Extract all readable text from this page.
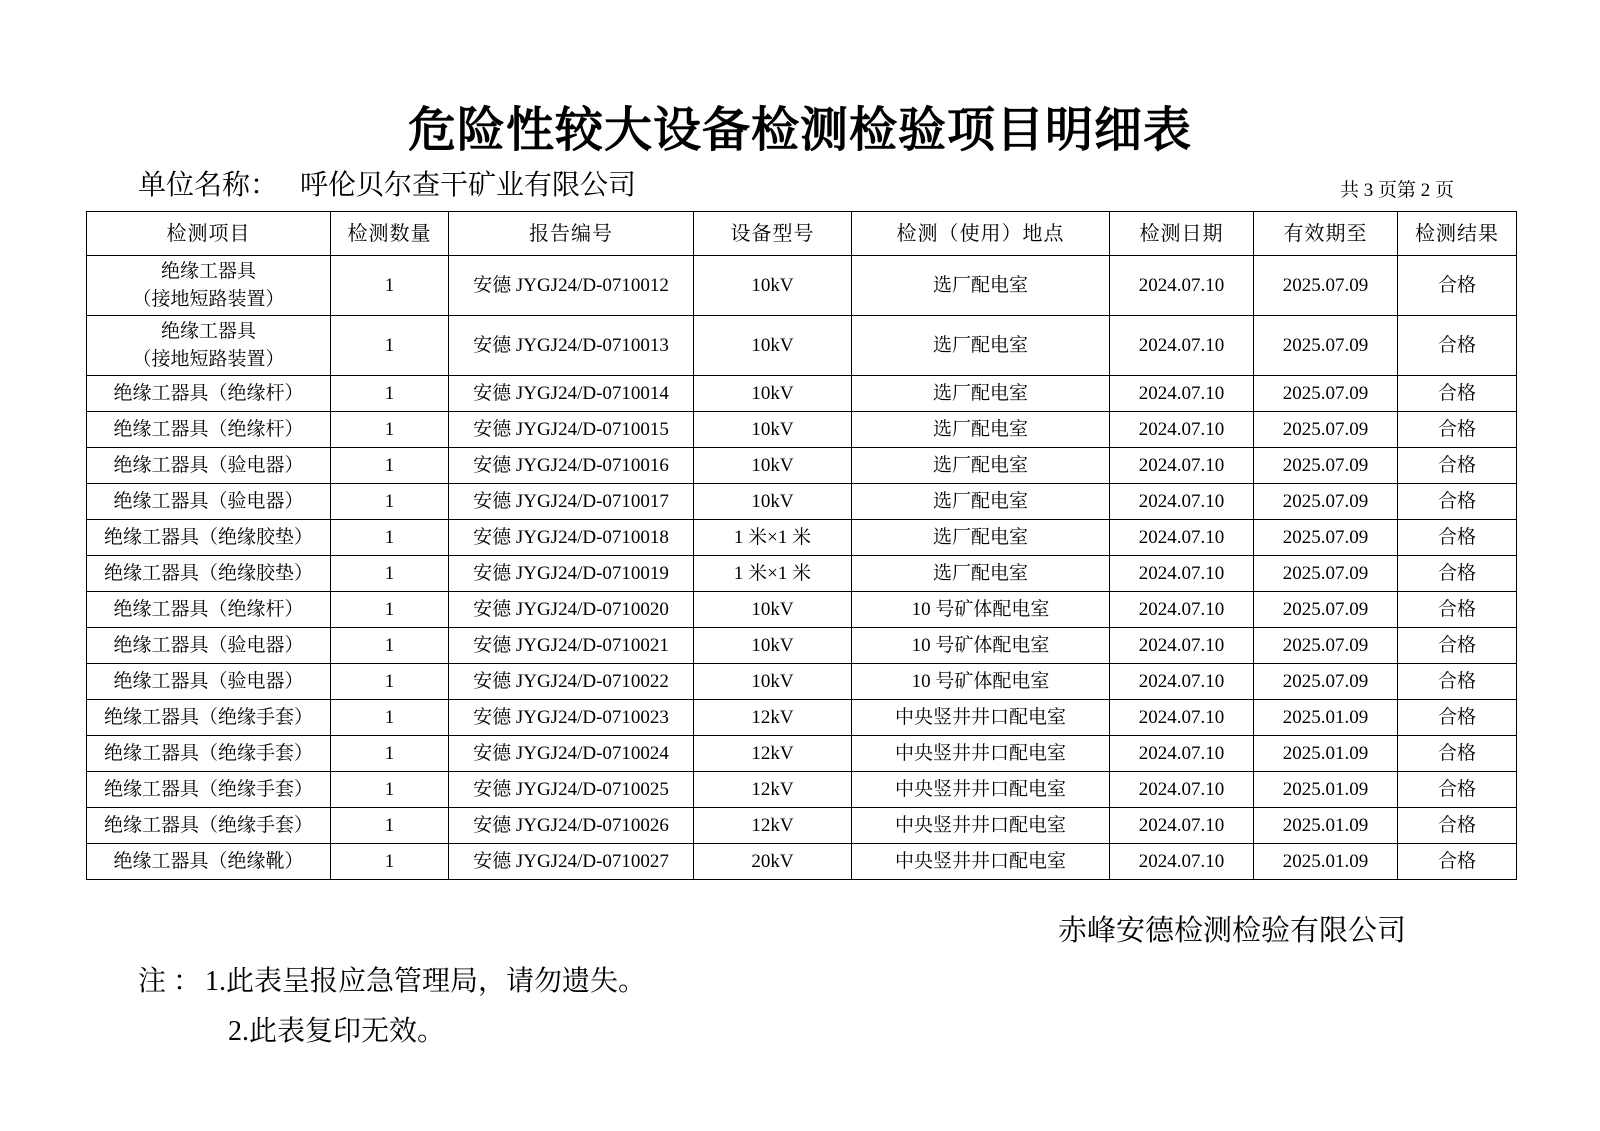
危险性较大设备检测检验项目明细表
单位名称： 呼伦贝尔查干矿业有限公司	共 3 页第 2 页
检测项目	检测数量	报告编号	设备型号	检测（使用）地点	检测日期	有效期至	检测结果
绝缘工器具
（接地短路装置）	1	安德 JYGJ24/D-0710012	10kV	选厂配电室	2024.07.10	2025.07.09	合格
绝缘工器具
（接地短路装置）	1	安德 JYGJ24/D-0710013	10kV	选厂配电室	2024.07.10	2025.07.09	合格
绝缘工器具（绝缘杆）	1	安德 JYGJ24/D-0710014	10kV	选厂配电室	2024.07.10	2025.07.09	合格
绝缘工器具（绝缘杆）	1	安德 JYGJ24/D-0710015	10kV	选厂配电室	2024.07.10	2025.07.09	合格
绝缘工器具（验电器）	1	安德 JYGJ24/D-0710016	10kV	选厂配电室	2024.07.10	2025.07.09	合格
绝缘工器具（验电器）	1	安德 JYGJ24/D-0710017	10kV	选厂配电室	2024.07.10	2025.07.09	合格
绝缘工器具（绝缘胶垫）	1	安德 JYGJ24/D-0710018	1 米×1 米	选厂配电室	2024.07.10	2025.07.09	合格
绝缘工器具（绝缘胶垫）	1	安德 JYGJ24/D-0710019	1 米×1 米	选厂配电室	2024.07.10	2025.07.09	合格
绝缘工器具（绝缘杆）	1	安德 JYGJ24/D-0710020	10kV	10 号矿体配电室	2024.07.10	2025.07.09	合格
绝缘工器具（验电器）	1	安德 JYGJ24/D-0710021	10kV	10 号矿体配电室	2024.07.10	2025.07.09	合格
绝缘工器具（验电器）	1	安德 JYGJ24/D-0710022	10kV	10 号矿体配电室	2024.07.10	2025.07.09	合格
绝缘工器具（绝缘手套）	1	安德 JYGJ24/D-0710023	12kV	中央竖井井口配电室	2024.07.10	2025.01.09	合格
绝缘工器具（绝缘手套）	1	安德 JYGJ24/D-0710024	12kV	中央竖井井口配电室	2024.07.10	2025.01.09	合格
绝缘工器具（绝缘手套）	1	安德 JYGJ24/D-0710025	12kV	中央竖井井口配电室	2024.07.10	2025.01.09	合格
绝缘工器具（绝缘手套）	1	安德 JYGJ24/D-0710026	12kV	中央竖井井口配电室	2024.07.10	2025.01.09	合格
绝缘工器具（绝缘靴）	1	安德 JYGJ24/D-0710027	20kV	中央竖井井口配电室	2024.07.10	2025.01.09	合格
赤峰安德检测检验有限公司
注 ： 1.此表呈报应急管理局，请勿遗失。
2.此表复印无效。
